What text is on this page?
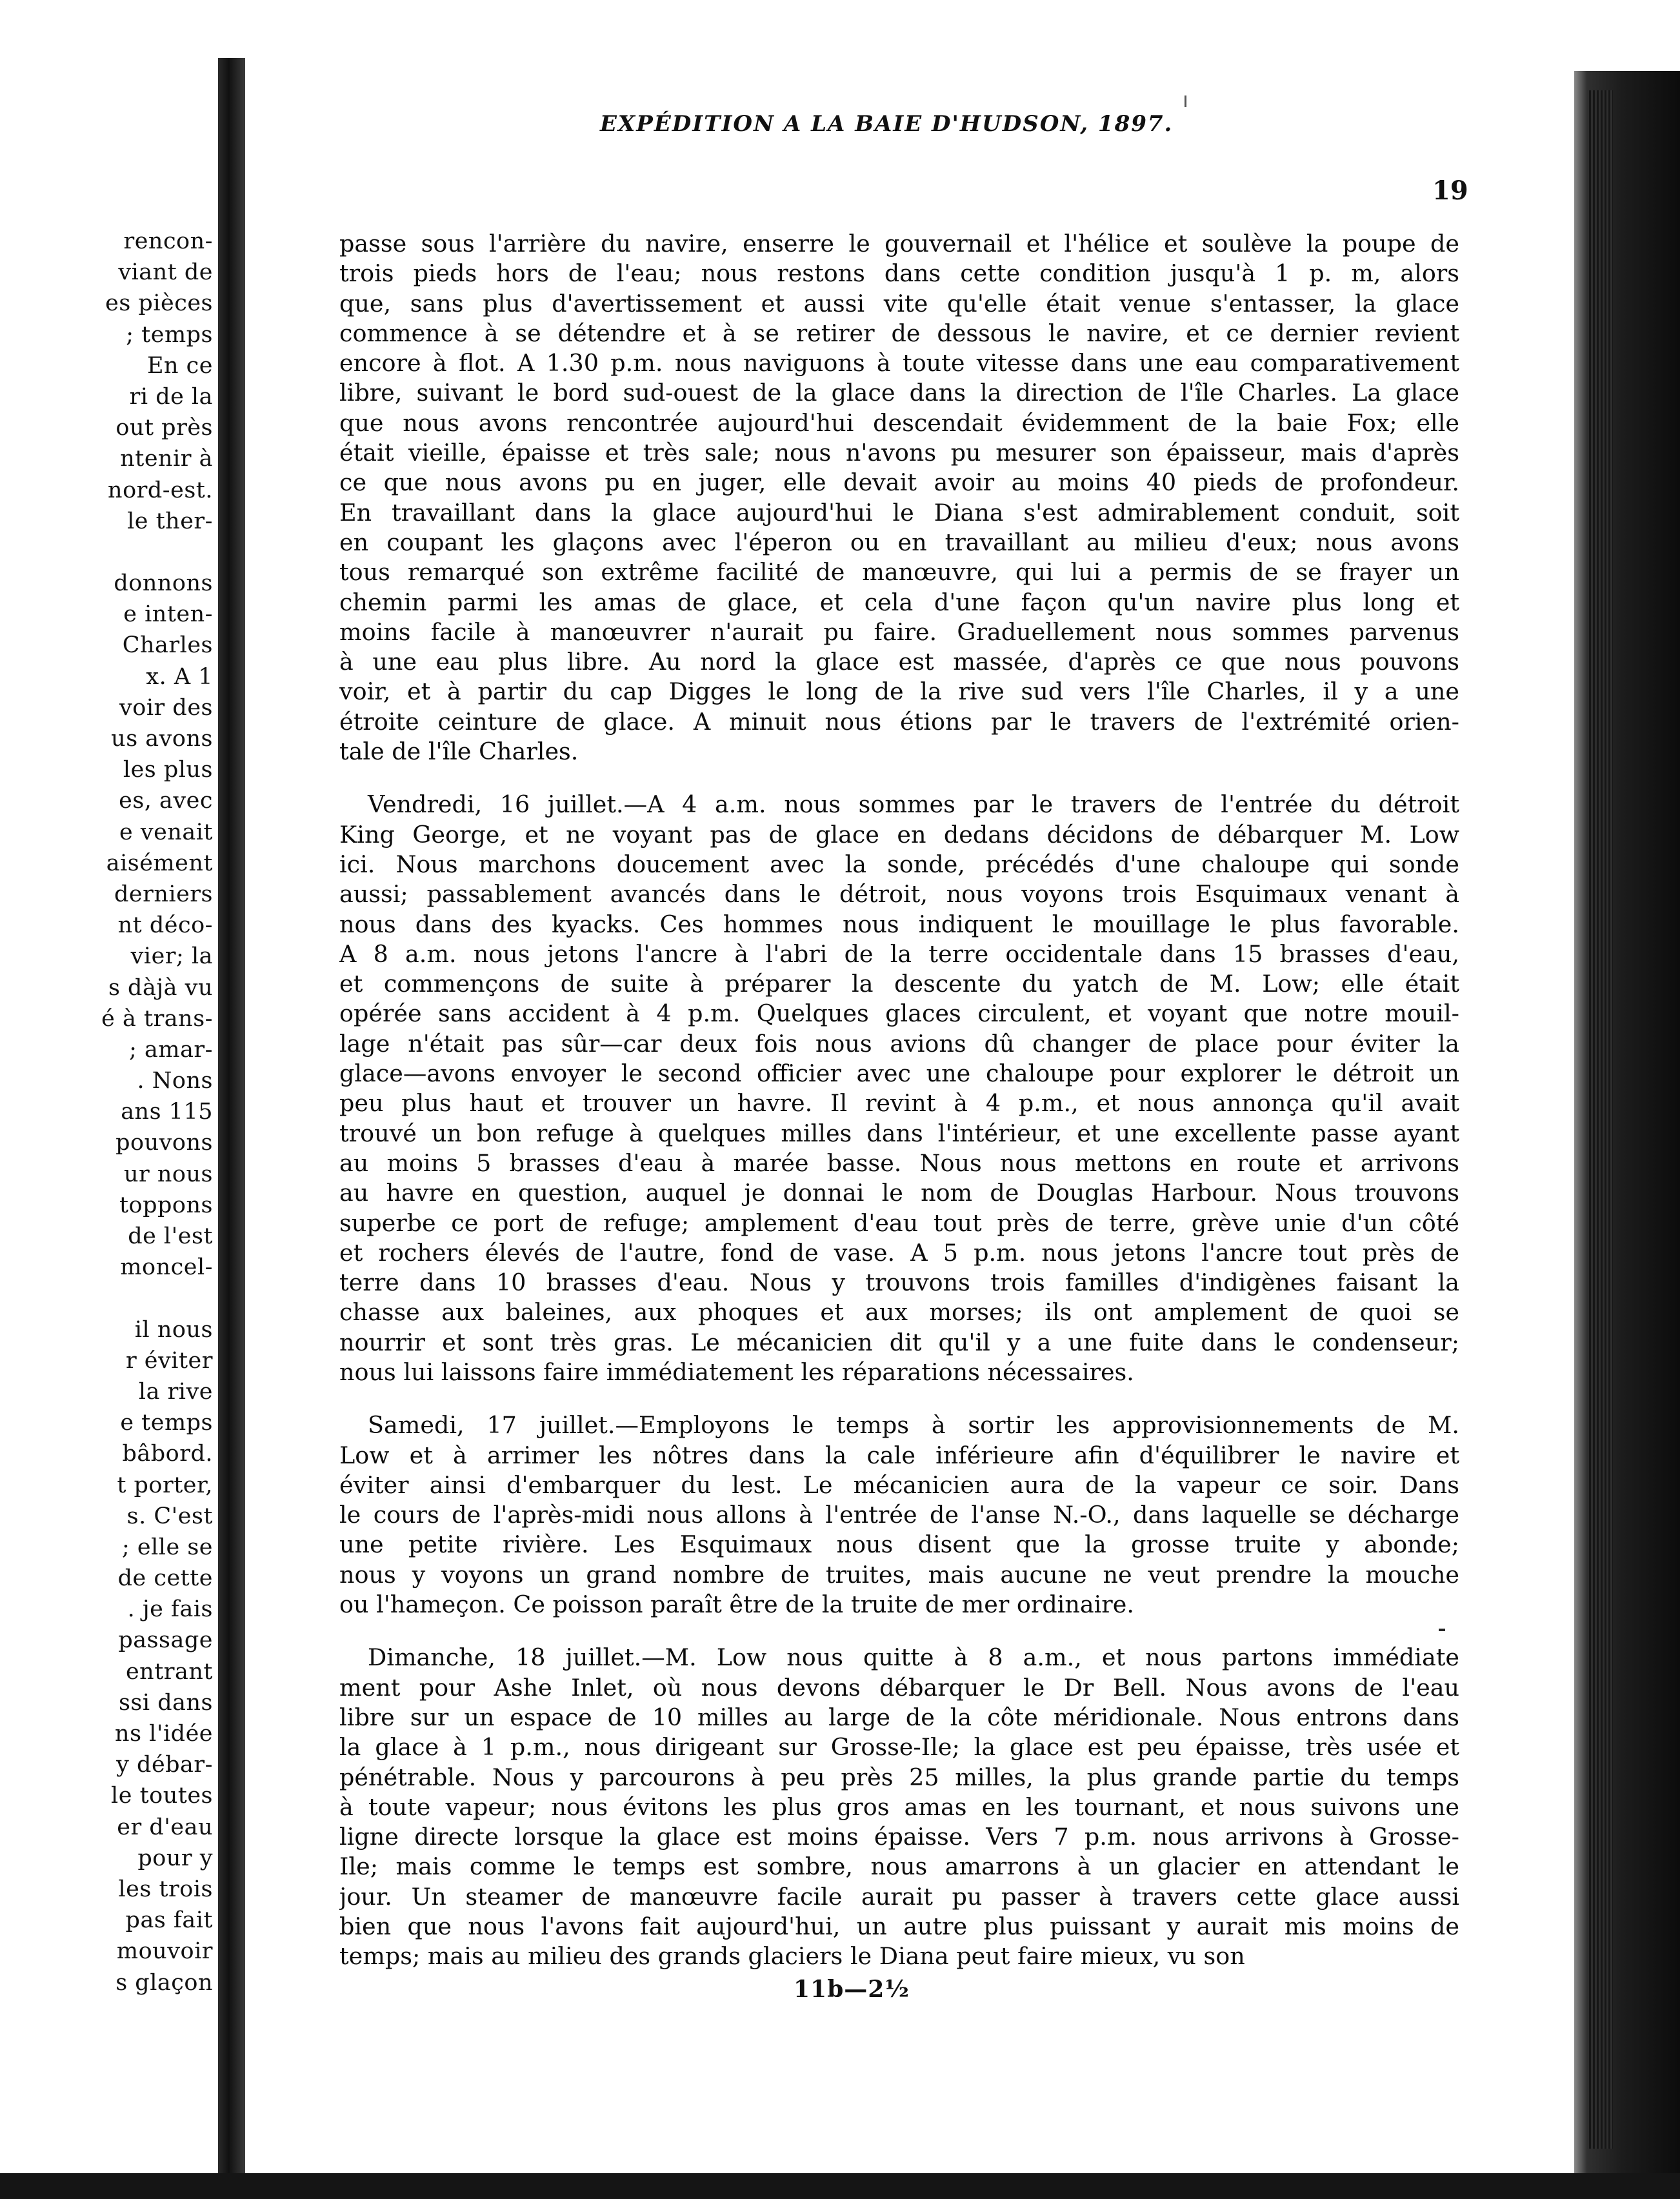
rencon-
viant de
es pièces
; temps
En ce
ri de la
out près
ntenir à
nord-est.
le ther-
donnons
e inten-
Charles
x. A 1
voir des
us avons
les plus
es, avec
e venait
aisément
derniers
nt déco-
vier; la
s dàjà vu
é à trans-
; amar-
. Nons
ans 115
pouvons
ur nous
toppons
de l'est
moncel-
il nous
r éviter
la rive
e temps
bâbord.
t porter,
s. C'est
; elle se
de cette
. je fais
passage
entrant
ssi dans
ns l'idée
y débar-
le toutes
er d'eau
pour y
les trois
pas fait
mouvoir
s glaçon
EXPÉDITION A LA BAIE D'HUDSON, 1897.
19
passe sous l'arrière du navire, enserre le gouvernail et l'hélice et soulève la poupe de
trois pieds hors de l'eau; nous restons dans cette condition jusqu'à 1 p. m, alors
que, sans plus d'avertissement et aussi vite qu'elle était venue s'entasser, la glace
commence à se détendre et à se retirer de dessous le navire, et ce dernier revient
encore à flot. A 1.30 p.m. nous naviguons à toute vitesse dans une eau comparativement
libre, suivant le bord sud-ouest de la glace dans la direction de l'île Charles. La glace
que nous avons rencontrée aujourd'hui descendait évidemment de la baie Fox; elle
était vieille, épaisse et très sale; nous n'avons pu mesurer son épaisseur, mais d'après
ce que nous avons pu en juger, elle devait avoir au moins 40 pieds de profondeur.
En travaillant dans la glace aujourd'hui le Diana s'est admirablement conduit, soit
en coupant les glaçons avec l'éperon ou en travaillant au milieu d'eux; nous avons
tous remarqué son extrême facilité de manœuvre, qui lui a permis de se frayer un
chemin parmi les amas de glace, et cela d'une façon qu'un navire plus long et
moins facile à manœuvrer n'aurait pu faire. Graduellement nous sommes parvenus
à une eau plus libre. Au nord la glace est massée, d'après ce que nous pouvons
voir, et à partir du cap Digges le long de la rive sud vers l'île Charles, il y a une
étroite ceinture de glace. A minuit nous étions par le travers de l'extrémité orien-
tale de l'île Charles.
Vendredi, 16 juillet.—A 4 a.m. nous sommes par le travers de l'entrée du détroit
King George, et ne voyant pas de glace en dedans décidons de débarquer M. Low
ici. Nous marchons doucement avec la sonde, précédés d'une chaloupe qui sonde
aussi; passablement avancés dans le détroit, nous voyons trois Esquimaux venant à
nous dans des kyacks. Ces hommes nous indiquent le mouillage le plus favorable.
A 8 a.m. nous jetons l'ancre à l'abri de la terre occidentale dans 15 brasses d'eau,
et commençons de suite à préparer la descente du yatch de M. Low; elle était
opérée sans accident à 4 p.m. Quelques glaces circulent, et voyant que notre mouil-
lage n'était pas sûr—car deux fois nous avions dû changer de place pour éviter la
glace—avons envoyer le second officier avec une chaloupe pour explorer le détroit un
peu plus haut et trouver un havre. Il revint à 4 p.m., et nous annonça qu'il avait
trouvé un bon refuge à quelques milles dans l'intérieur, et une excellente passe ayant
au moins 5 brasses d'eau à marée basse. Nous nous mettons en route et arrivons
au havre en question, auquel je donnai le nom de Douglas Harbour. Nous trouvons
superbe ce port de refuge; amplement d'eau tout près de terre, grève unie d'un côté
et rochers élevés de l'autre, fond de vase. A 5 p.m. nous jetons l'ancre tout près de
terre dans 10 brasses d'eau. Nous y trouvons trois familles d'indigènes faisant la
chasse aux baleines, aux phoques et aux morses; ils ont amplement de quoi se
nourrir et sont très gras. Le mécanicien dit qu'il y a une fuite dans le condenseur;
nous lui laissons faire immédiatement les réparations nécessaires.
Samedi, 17 juillet.—Employons le temps à sortir les approvisionnements de M.
Low et à arrimer les nôtres dans la cale inférieure afin d'équilibrer le navire et
éviter ainsi d'embarquer du lest. Le mécanicien aura de la vapeur ce soir. Dans
le cours de l'après-midi nous allons à l'entrée de l'anse N.-O., dans laquelle se décharge
une petite rivière. Les Esquimaux nous disent que la grosse truite y abonde;
nous y voyons un grand nombre de truites, mais aucune ne veut prendre la mouche
ou l'hameçon. Ce poisson paraît être de la truite de mer ordinaire.
Dimanche, 18 juillet.—M. Low nous quitte à 8 a.m., et nous partons immédiate
ment pour Ashe Inlet, où nous devons débarquer le Dr Bell. Nous avons de l'eau
libre sur un espace de 10 milles au large de la côte méridionale. Nous entrons dans
la glace à 1 p.m., nous dirigeant sur Grosse-Ile; la glace est peu épaisse, très usée et
pénétrable. Nous y parcourons à peu près 25 milles, la plus grande partie du temps
à toute vapeur; nous évitons les plus gros amas en les tournant, et nous suivons une
ligne directe lorsque la glace est moins épaisse. Vers 7 p.m. nous arrivons à Grosse-
Ile; mais comme le temps est sombre, nous amarrons à un glacier en attendant le
jour. Un steamer de manœuvre facile aurait pu passer à travers cette glace aussi
bien que nous l'avons fait aujourd'hui, un autre plus puissant y aurait mis moins de
temps; mais au milieu des grands glaciers le Diana peut faire mieux, vu son
11b—2½
